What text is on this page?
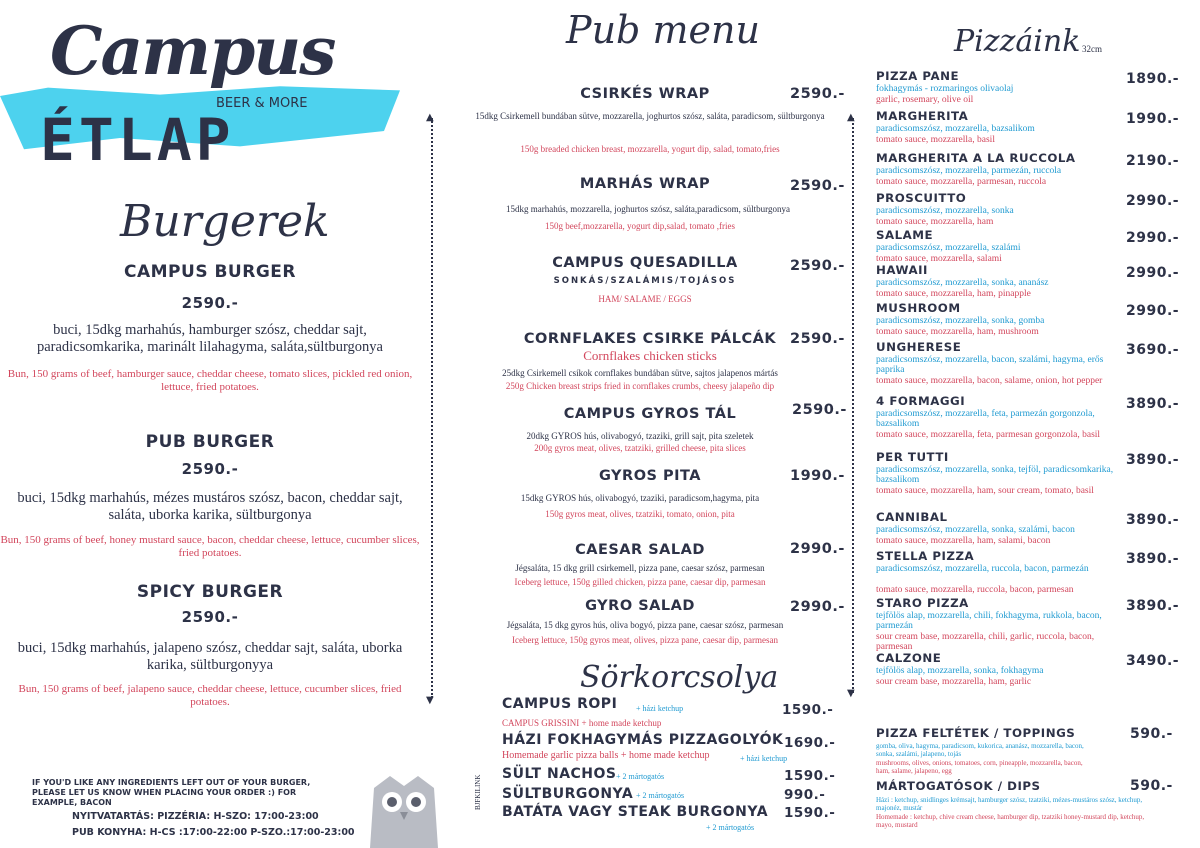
Campus
BEER & MORE
ÉTLAP
Burgerek
CAMPUS BURGER
2590.-
buci, 15dkg marhahús, hamburger szósz, cheddar sajt, paradicsomkarika, marinált lilahagyma, saláta,sültburgonya
Bun, 150 grams of beef, hamburger sauce, cheddar cheese, tomato slices, pickled red onion, lettuce, fried potatoes.
PUB BURGER
2590.-
buci, 15dkg marhahús, mézes mustáros szósz, bacon, cheddar sajt, saláta, uborka karika, sültburgonya
Bun, 150 grams of beef, honey mustard sauce, bacon, cheddar cheese, lettuce, cucumber slices, fried potatoes.
SPICY BURGER
2590.-
buci, 15dkg marhahús, jalapeno szósz, cheddar sajt, saláta, uborka karika, sültburgonyya
Bun, 150 grams of beef, jalapeno sauce, cheddar cheese, lettuce, cucumber slices, fried potatoes.
IF YOU'D LIKE ANY INGREDIENTS LEFT OUT OF YOUR BURGER, PLEASE LET US KNOW WHEN PLACING YOUR ORDER :) FOR EXAMPLE, BACON
NYITVATARTÁS: PIZZÉRIA: H-SZO: 17:00-23:00
PUB KONYHA: H-CS :17:00-22:00 P-SZO.:17:00-23:00
▲
▼
▲
▼
Pub menu
CSIRKÉS WRAP	2590.-
15dkg Csirkemell bundában sütve, mozzarella, joghurtos szósz, saláta, paradicsom, sültburgonya
150g breaded chicken breast, mozzarella, yogurt dip, salad, tomato,fries
MARHÁS WRAP	2590.-
15dkg marhahús, mozzarella, joghurtos szósz, saláta,paradicsom, sültburgonya
150g beef,mozzarella, yogurt dip,salad, tomato ,fries
CAMPUS QUESADILLA	2590.-
SONKÁS/SZALÁMIS/TOJÁSOS
HAM/ SALAME / EGGS
CORNFLAKES CSIRKE PÁLCÁK 2590.-
Cornflakes chicken sticks
25dkg Csirkemell csíkok cornflakes bundában sütve, sajtos jalapenos mártás
250g Chicken breast strips fried in cornflakes crumbs, cheesy jalapeño dip
CAMPUS GYROS TÁL	2590.-
20dkg GYROS hús, olivabogyó, tzaziki, grill sajt, pita szeletek
200g gyros meat, olives, tzatziki, grilled cheese, pita slices
GYROS PITA	1990.-
15dkg GYROS hús, olivabogyó, tzaziki, paradicsom,hagyma, pita
150g gyros meat, olives, tzatziki, tomato, onion, pita
CAESAR SALAD	2990.-
Jégsaláta, 15 dkg grill csirkemell, pizza pane, caesar szósz, parmesan
Iceberg lettuce, 150g gilled chicken, pizza pane, caesar dip, parmesan
GYRO SALAD	2990.-
Jégsaláta, 15 dkg gyros hús, oliva bogyó, pizza pane, caesar szósz, parmesan
Iceberg lettuce, 150g gyros meat, olives, pizza pane, caesar dip, parmesan
Sörkorcsolya
CAMPUS ROPI + házi ketchup	1590.-
CAMPUS GRISSINI + home made ketchup
HÁZI FOKHAGYMÁS PIZZAGOLYÓK 1690.-
Homemade garlic pizza balls + home made ketchup	+ házi ketchup
SÜLT NACHOS + 2 mártogatós	1590.-
SÜLTBURGONYA + 2 mártogatós	990.-
BATÁTA VAGY STEAK BURGONYA 1590.-
+ 2 mártogatós
BJFKILINK
Pizzáink 32cm
PIZZA PANE	1890.-
fokhagymás - rozmaringos olivaolaj
garlic, rosemary, olive oil
MARGHERITA	1990.-
paradicsomszósz, mozzarella, bazsalikom
tomato sauce, mozzarella, basil
MARGHERITA A LA RUCCOLA	2190.-
paradicsomszósz, mozzarella, parmezán, ruccola
tomato sauce, mozzarella, parmesan, ruccola
PROSCUITTO	2990.-
paradicsomszósz, mozzarella, sonka
tomato sauce, mozzarella, ham
SALAME	2990.-
paradicsomszósz, mozzarella, szalámi
tomato sauce, mozzarella, salami
HAWAII	2990.-
paradicsomszósz, mozzarella, sonka, ananász
tomato sauce, mozzarella, ham, pinapple
MUSHROOM	2990.-
paradicsomszósz, mozzarella, sonka, gomba
tomato sauce, mozzarella, ham, mushroom
UNGHERESE	3690.-
paradicsomszósz, mozzarella, bacon, szalámi, hagyma, erős paprika
tomato sauce, mozzarella, bacon, salame, onion, hot pepper
4 FORMAGGI	3890.-
paradicsomszósz, mozzarella, feta, parmezán gorgonzola, bazsalikom
tomato sauce, mozzarella, feta, parmesan gorgonzola, basil
PER TUTTI	3890.-
paradicsomszósz, mozzarella, sonka, tejföl, paradicsomkarika, bazsalikom
tomato sauce, mozzarella, ham, sour cream, tomato, basil
CANNIBAL	3890.-
paradicsomszósz, mozzarella, sonka, szalámi, bacon
tomato sauce, mozzarella, ham, salami, bacon
STELLA PIZZA	3890.-
paradicsomszósz, mozzarella, ruccola, bacon, parmezán
tomato sauce, mozzarella, ruccola, bacon, parmesan
STARO PIZZA	3890.-
tejfölös alap, mozzarella, chili, fokhagyma, rukkola, bacon, parmezán
sour cream base, mozzarella, chili, garlic, ruccola, bacon, parmesan
CALZONE	3490.-
tejfölös alap, mozzarella, sonka, fokhagyma
sour cream base, mozzarella, ham, garlic
PIZZA FELTÉTEK / TOPPINGS	590.-
gomba, oliva, hagyma, paradicsom, kukorica, ananász, mozzarella, bacon, sonka, szalámi, jalapeno, tojás
mushrooms, olives, onions, tomatoes, corn, pineapple, mozzarella, bacon, ham, salame, jalapeno, egg
MÁRTOGATÓSOK / DIPS	590.-
Házi : ketchup, snidlinges krémsajt, hamburger szósz, tzatziki, mézes-mustáros szósz, ketchup, majonéz, mustár
Homemade : ketchup, chive cream cheese, hamburger dip, tzatziki honey-mustard dip, ketchup, mayo, mustard
